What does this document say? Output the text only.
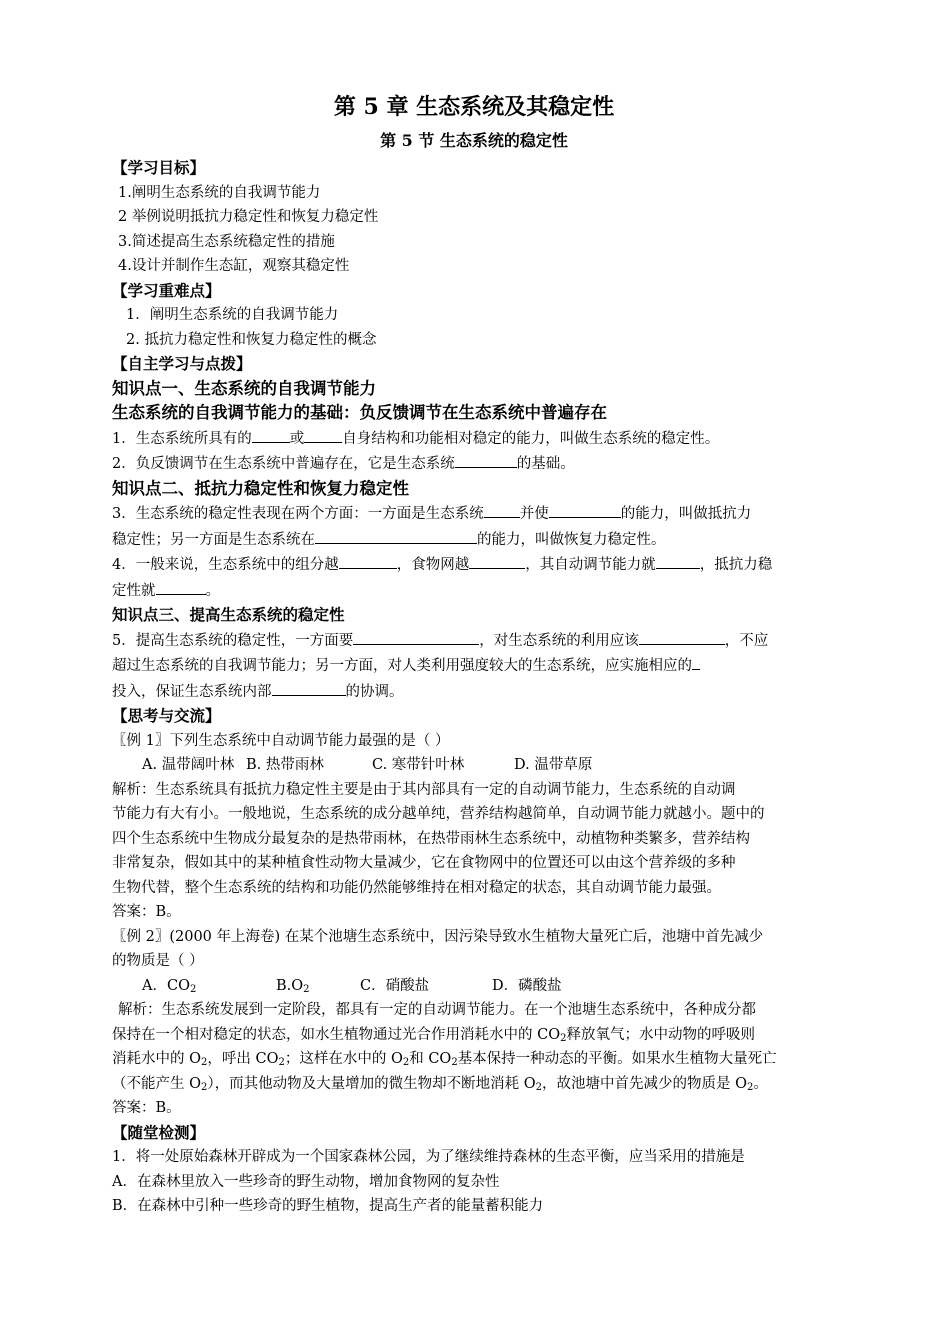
第 5 章 生态系统及其稳定性
第 5 节 生态系统的稳定性

【学习目标】

1.阐明生态系统的自我调节能力

2 举例说明抵抗力稳定性和恢复力稳定性

3.简述提高生态系统稳定性的措施

4.设计并制作生态缸，观察其稳定性

【学习重难点】

1．阐明生态系统的自我调节能力

2. 抵抗力稳定性和恢复力稳定性的概念

【自主学习与点拨】

知识点一、生态系统的自我调节能力

生态系统的自我调节能力的基础：负反馈调节在生态系统中普遍存在

1．生态系统所具有的	或	自身结构和功能相对稳定的能力，叫做生态系统的稳定性。

2．负反馈调节在生态系统中普遍存在，它是生态系统	的基础。

知识点二、抵抗力稳定性和恢复力稳定性

3．生态系统的稳定性表现在两个方面：一方面是生态系统 并使	的能力，叫做抵抗力

稳定性；另一方面是生态系统在	的能力，叫做恢复力稳定性。

4．一般来说，生态系统中的组分越	，食物网越	，其自动调节能力就	，抵抗力稳

定性就	。

知识点三、提高生态系统的稳定性

5．提高生态系统的稳定性，一方面要	，对生态系统的利用应该	，不应

超过生态系统的自我调节能力；另一方面，对人类利用强度较大的生态系统，应实施相应的

投入，保证生态系统内部	的协调。

【思考与交流】

〖例 1〗下列生态系统中自动调节能力最强的是（ ）

A. 温带阔叶林 B. 热带雨林	C. 寒带针叶林	D. 温带草原

解析：生态系统具有抵抗力稳定性主要是由于其内部具有一定的自动调节能力，生态系统的自动调

节能力有大有小。一般地说，生态系统的成分越单纯，营养结构越简单，自动调节能力就越小。题中的

四个生态系统中生物成分最复杂的是热带雨林，在热带雨林生态系统中，动植物种类繁多，营养结构

非常复杂，假如其中的某种植食性动物大量减少，它在食物网中的位置还可以由这个营养级的多种

生物代替，整个生态系统的结构和功能仍然能够维持在相对稳定的状态，其自动调节能力最强。

答案：B。

〖例 2〗(2000 年上海卷) 在某个池塘生态系统中，因污染导致水生植物大量死亡后，池塘中首先减少

的物质是（ ）

A．$CO_2$	$B.O_2$	C．硝酸盐	D．磷酸盐

解析：生态系统发展到一定阶段，都具有一定的自动调节能力。在一个池塘生态系统中，各种成分都

保持在一个相对稳定的状态，如水生植物通过光合作用消耗水中的 $CO_2$释放氧气；水中动物的呼吸则

消耗水中的 $O_2$，呼出 $CO_2$；这样在水中的 $O_2$和 $CO_2$基本保持一种动态的平衡。如果水生植物大量死亡

（不能产生 $O_2$），而其他动物及大量增加的微生物却不断地消耗 $O_2$，故池塘中首先减少的物质是 $O_2$。

答案：B。

【随堂检测】

1．将一处原始森林开辟成为一个国家森林公园，为了继续维持森林的生态平衡，应当采用的措施是

A．在森林里放入一些珍奇的野生动物，增加食物网的复杂性

B．在森林中引种一些珍奇的野生植物，提高生产者的能量蓄积能力
